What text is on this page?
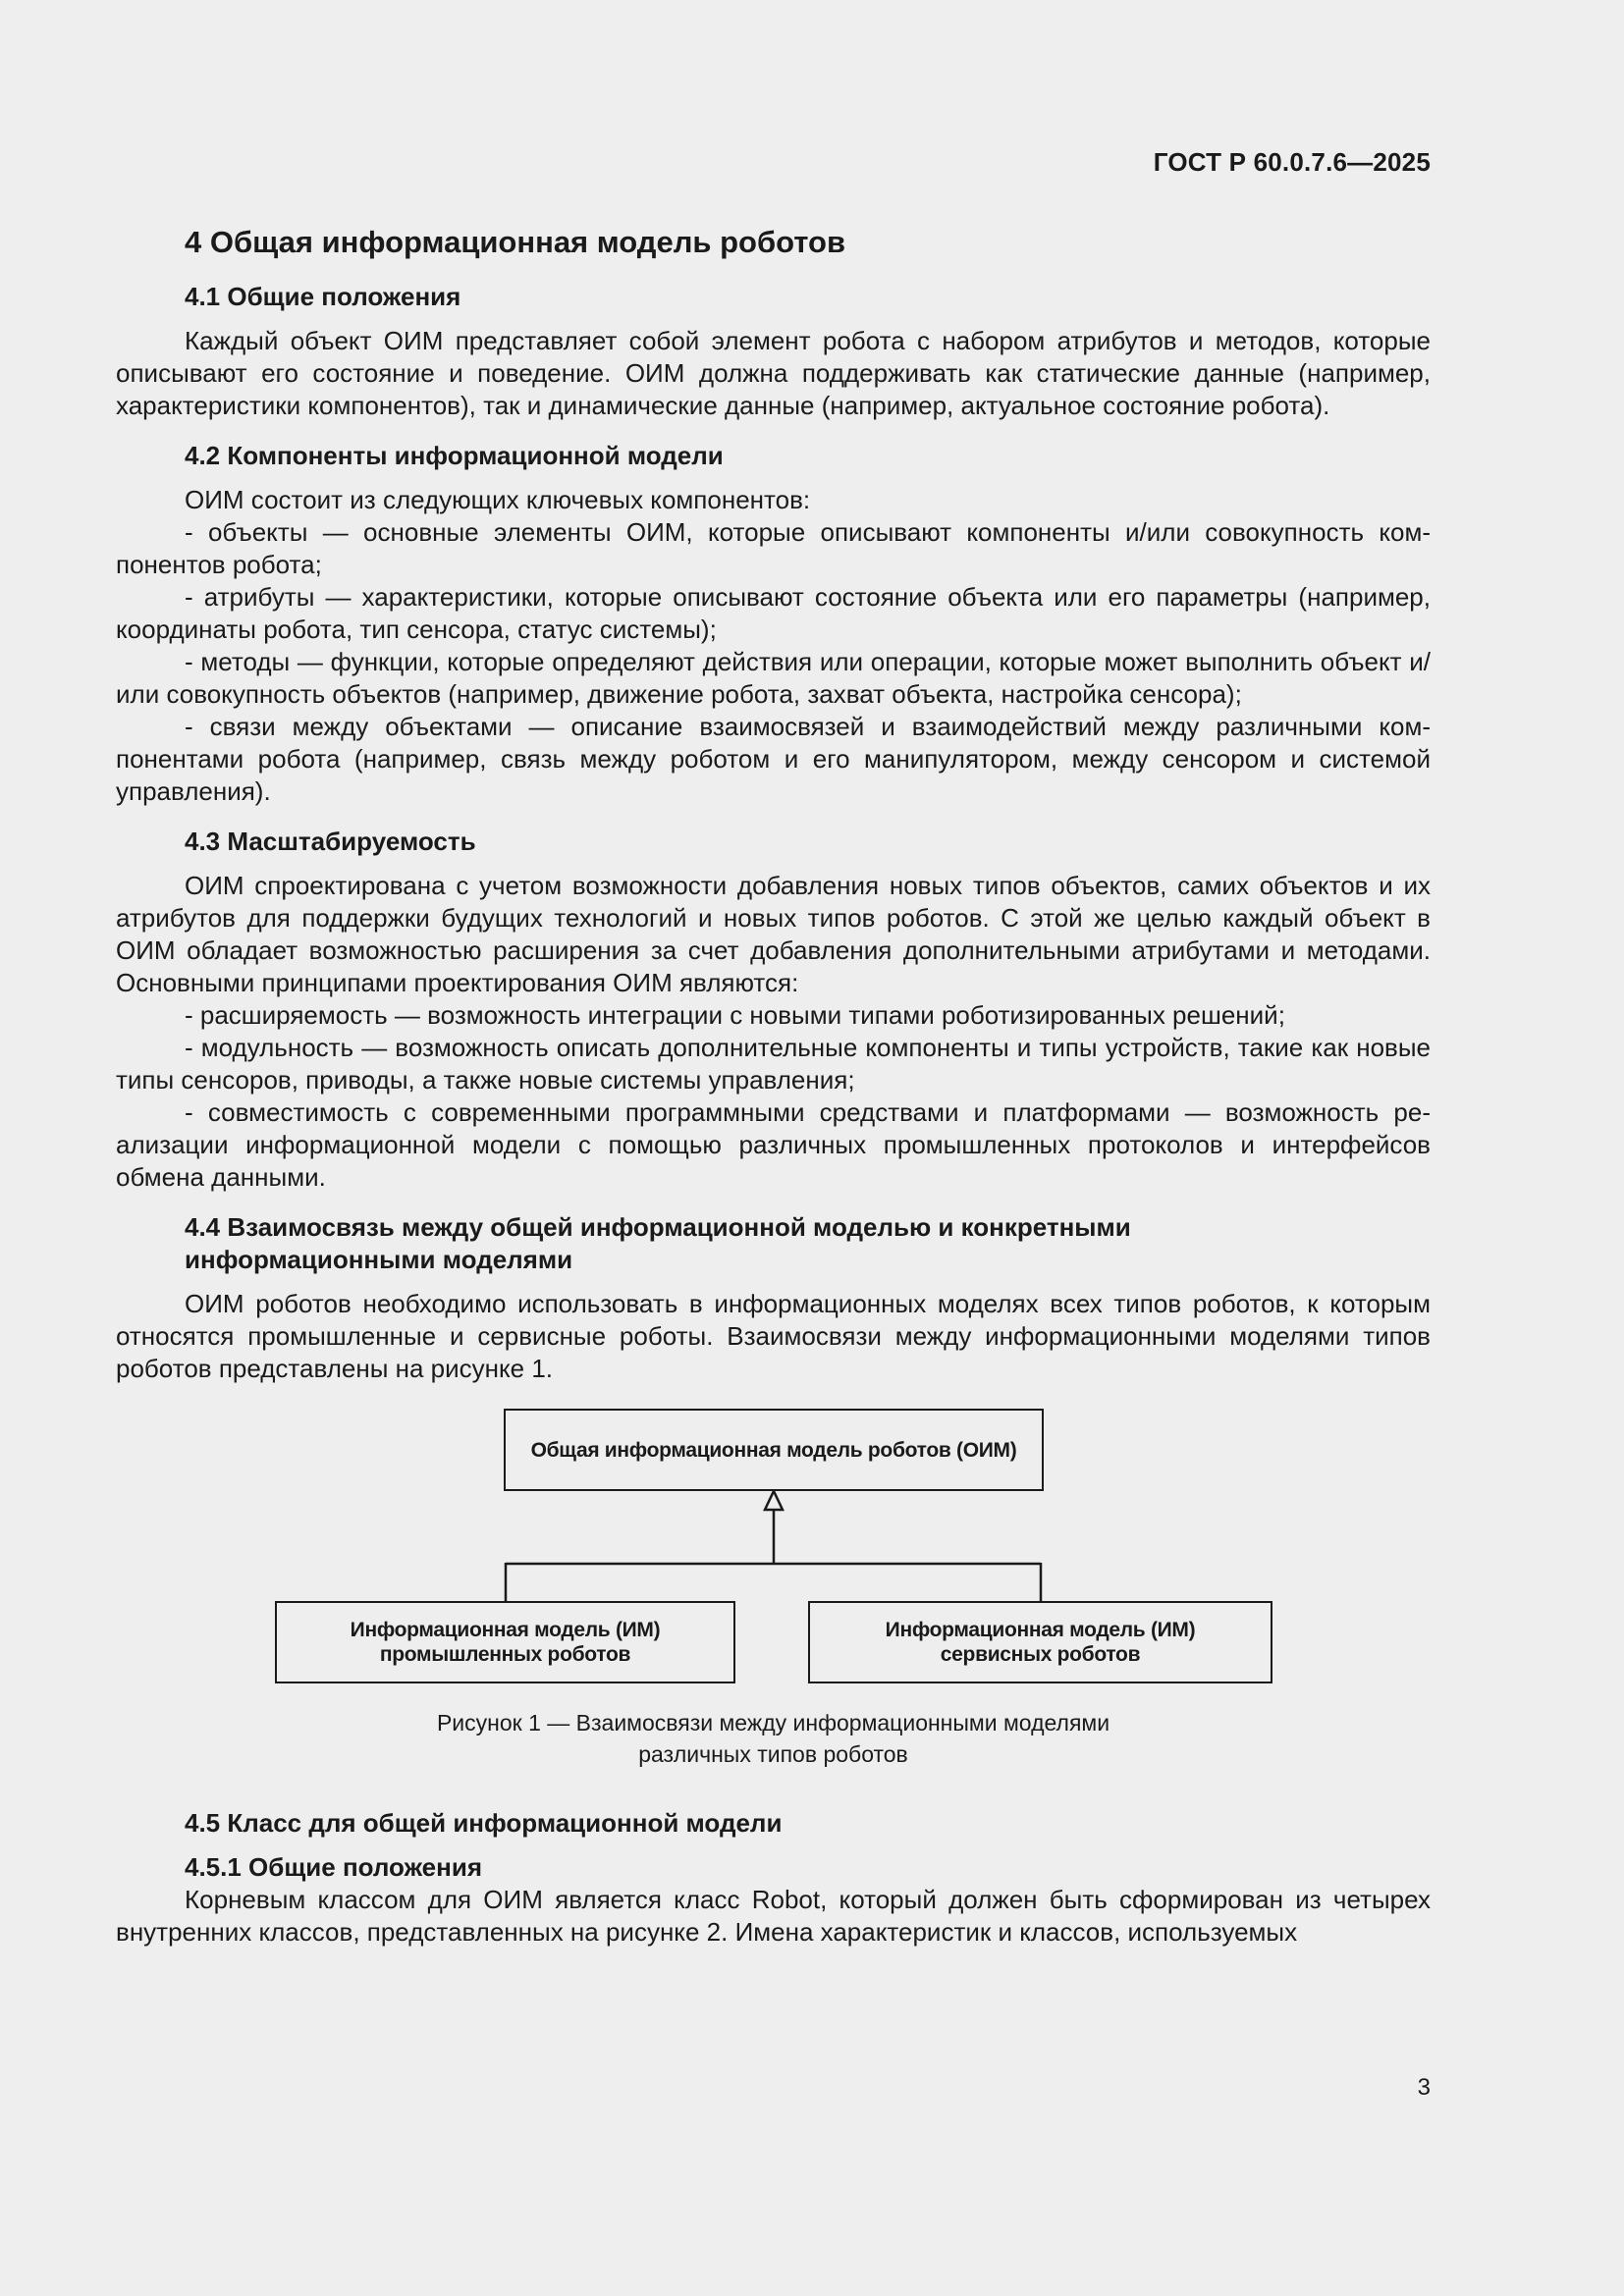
ГОСТ Р 60.0.7.6—2025
4 Общая информационная модель роботов
4.1 Общие положения

Каждый объект ОИМ представляет собой элемент робота с набором атрибутов и методов, которые описывают его состояние и поведение. ОИМ должна поддерживать как статические данные (например, характеристики компонентов), так и динамические данные (например, актуальное состояние робота).

4.2 Компоненты информационной модели

ОИМ состоит из следующих ключевых компонентов:

- объекты — основные элементы ОИМ, которые описывают компоненты и/или совокупность компонентов робота;

- атрибуты — характеристики, которые описывают состояние объекта или его параметры (например, координаты робота, тип сенсора, статус системы);

- методы — функции, которые определяют действия или операции, которые может выполнить объект и/или совокупность объектов (например, движение робота, захват объекта, настройка сенсора);

- связи между объектами — описание взаимосвязей и взаимодействий между различными компонентами робота (например, связь между роботом и его манипулятором, между сенсором и системой управления).

4.3 Масштабируемость

ОИМ спроектирована с учетом возможности добавления новых типов объектов, самих объектов и их атрибутов для поддержки будущих технологий и новых типов роботов. С этой же целью каждый объект в ОИМ обладает возможностью расширения за счет добавления дополнительными атрибутами и методами. Основными принципами проектирования ОИМ являются:

- расширяемость — возможность интеграции с новыми типами роботизированных решений;

- модульность — возможность описать дополнительные компоненты и типы устройств, такие как новые типы сенсоров, приводы, а также новые системы управления;

- совместимость с современными программными средствами и платформами — возможность реализации информационной модели с помощью различных промышленных протоколов и интерфейсов обмена данными.

4.4 Взаимосвязь между общей информационной моделью и конкретными
информационными моделями

ОИМ роботов необходимо использовать в информационных моделях всех типов роботов, к которым относятся промышленные и сервисные роботы. Взаимосвязи между информационными моделями типов роботов представлены на рисунке 1.

Общая информационная модель роботов (ОИМ)
Информационная модель (ИМ)
промышленных роботов
Информационная модель (ИМ)
сервисных роботов

Рисунок 1 — Взаимосвязи между информационными моделями

различных типов роботов

4.5 Класс для общей информационной модели
4.5.1 Общие положения

Корневым классом для ОИМ является класс Robot, который должен быть сформирован из четырех внутренних классов, представленных на рисунке 2. Имена характеристик и классов, используемых

3
